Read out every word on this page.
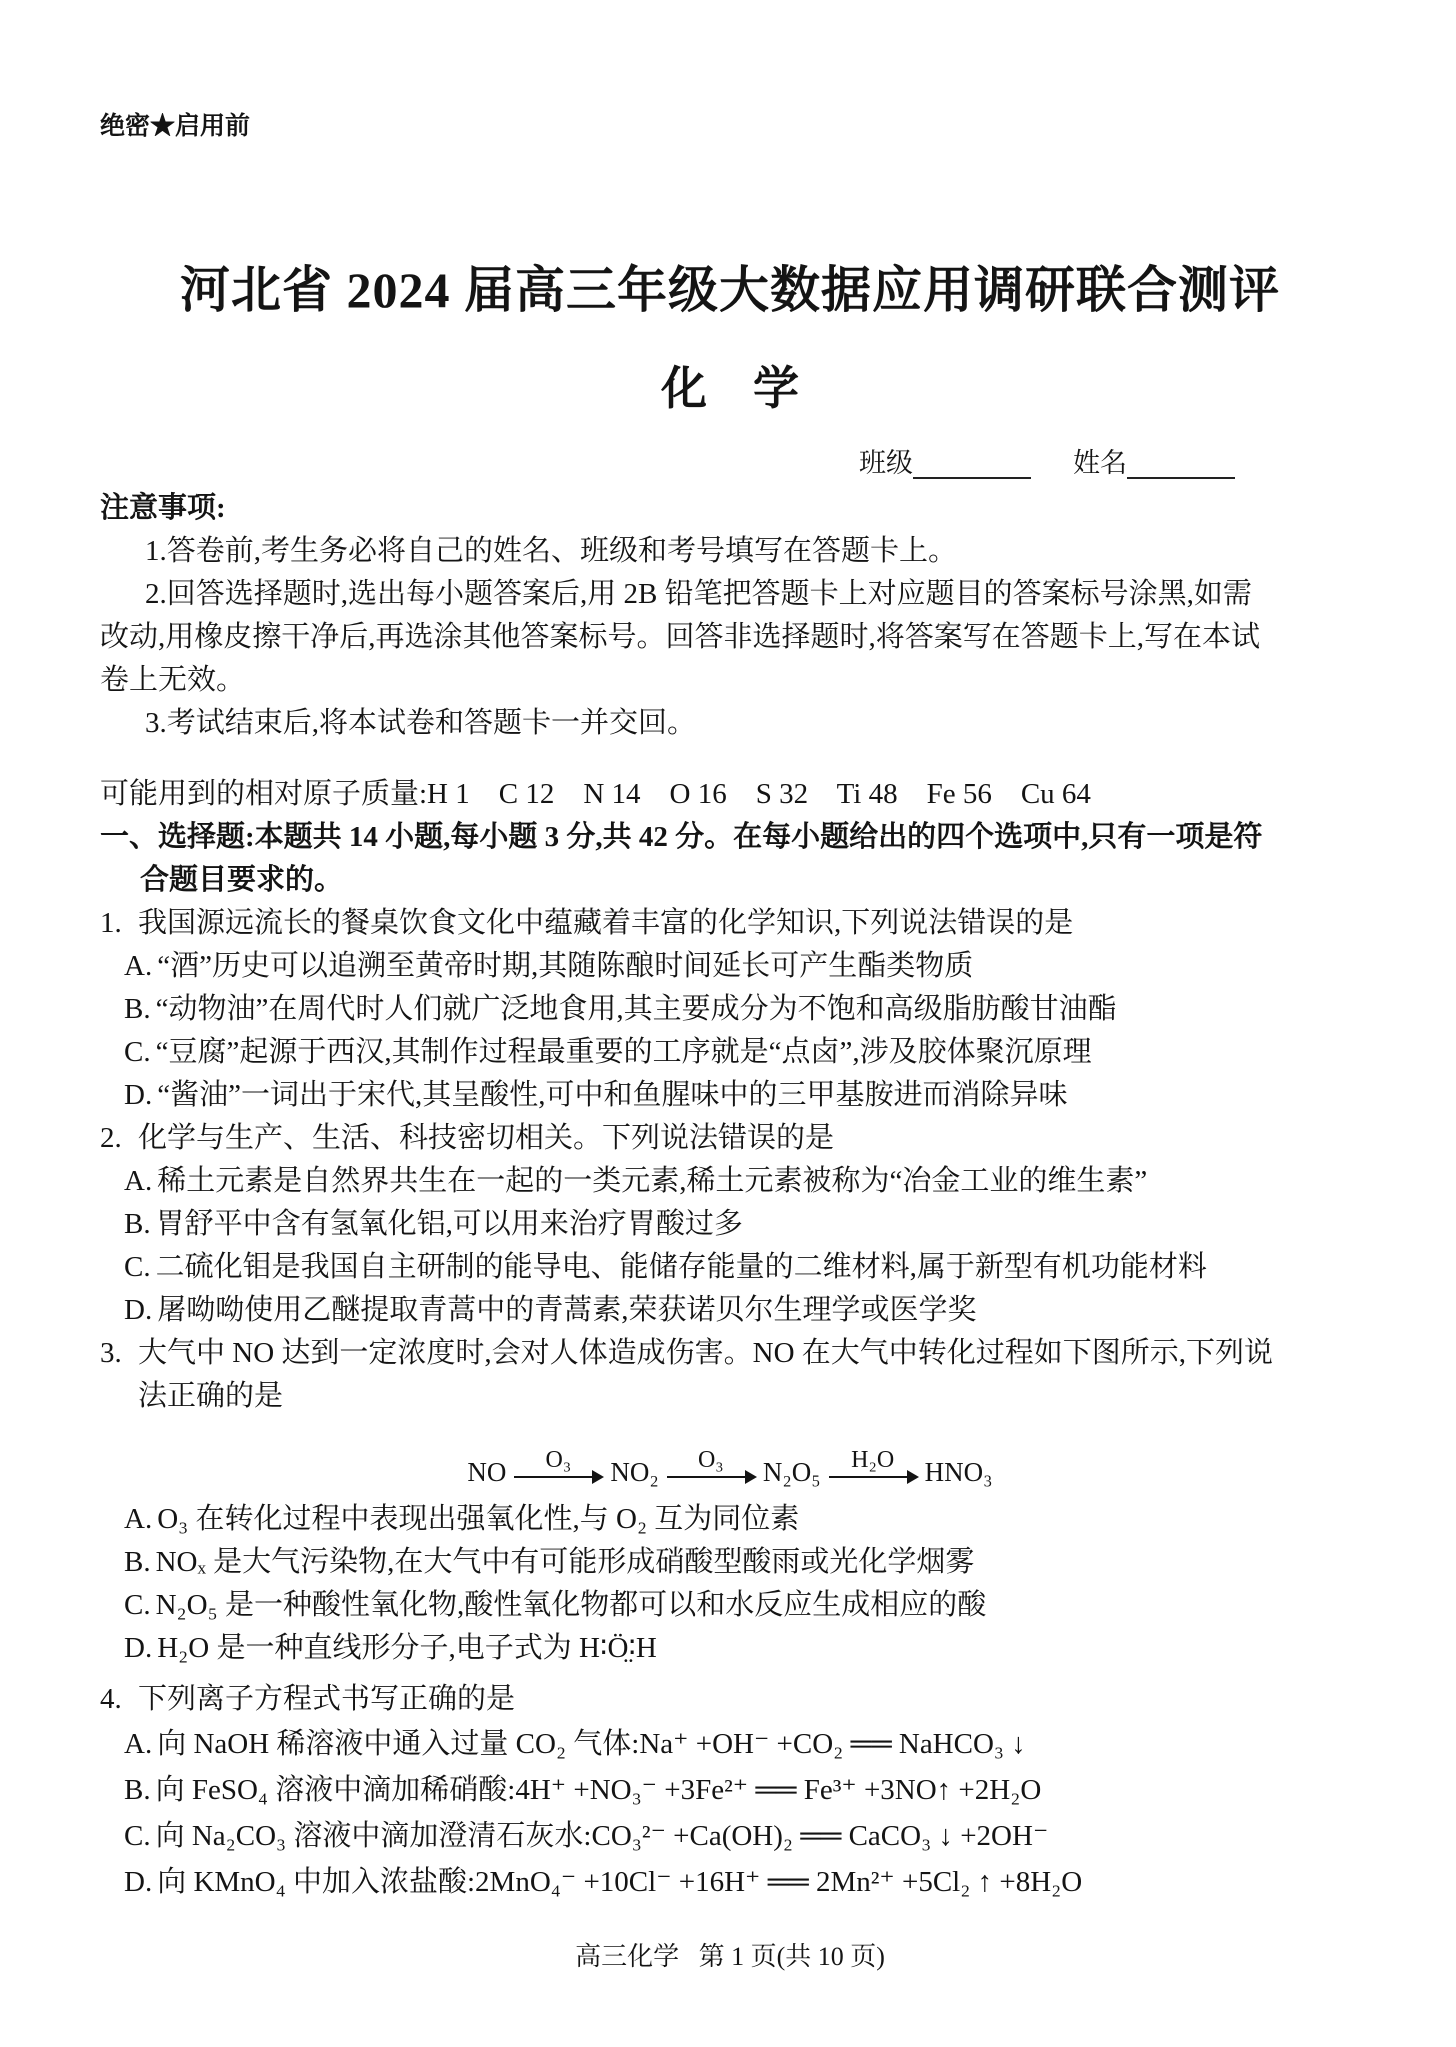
绝密★启用前
河北省 2024 届高三年级大数据应用调研联合测评
化    学
班级	姓名
注意事项:
1.答卷前,考生务必将自己的姓名、班级和考号填写在答题卡上。
2.回答选择题时,选出每小题答案后,用 2B 铅笔把答题卡上对应题目的答案标号涂黑,如需
改动,用橡皮擦干净后,再选涂其他答案标号。回答非选择题时,将答案写在答题卡上,写在本试
卷上无效。
3.考试结束后,将本试卷和答题卡一并交回。
可能用到的相对原子质量:H 1    C 12    N 14    O 16    S 32    Ti 48    Fe 56    Cu 64
一、选择题:本题共 14 小题,每小题 3 分,共 42 分。在每小题给出的四个选项中,只有一项是符
合题目要求的。
1. 我国源远流长的餐桌饮食文化中蕴藏着丰富的化学知识,下列说法错误的是
A. “酒”历史可以追溯至黄帝时期,其随陈酿时间延长可产生酯类物质
B. “动物油”在周代时人们就广泛地食用,其主要成分为不饱和高级脂肪酸甘油酯
C. “豆腐”起源于西汉,其制作过程最重要的工序就是“点卤”,涉及胶体聚沉原理
D. “酱油”一词出于宋代,其呈酸性,可中和鱼腥味中的三甲基胺进而消除异味
2. 化学与生产、生活、科技密切相关。下列说法错误的是
A. 稀土元素是自然界共生在一起的一类元素,稀土元素被称为“冶金工业的维生素”
B. 胃舒平中含有氢氧化铝,可以用来治疗胃酸过多
C. 二硫化钼是我国自主研制的能导电、能储存能量的二维材料,属于新型有机功能材料
D. 屠呦呦使用乙醚提取青蒿中的青蒿素,荣获诺贝尔生理学或医学奖
3. 大气中 NO 达到一定浓度时,会对人体造成伤害。NO 在大气中转化过程如下图所示,下列说
法正确的是
NO O₃ NO₂ O₃ N₂O₅ H₂O HNO₃
A. O₃ 在转化过程中表现出强氧化性,与 O₂ 互为同位素
B. NOₓ 是大气污染物,在大气中有可能形成硝酸型酸雨或光化学烟雾
C. N₂O₅ 是一种酸性氧化物,酸性氧化物都可以和水反应生成相应的酸
D. H₂O 是一种直线形分子,电子式为 H∶Ö̤∶H
4. 下列离子方程式书写正确的是
A. 向 NaOH 稀溶液中通入过量 CO₂ 气体:Na⁺ +OH⁻ +CO₂ ══ NaHCO₃ ↓
B. 向 FeSO₄ 溶液中滴加稀硝酸:4H⁺ +NO₃⁻ +3Fe²⁺ ══ Fe³⁺ +3NO↑ +2H₂O
C. 向 Na₂CO₃ 溶液中滴加澄清石灰水:CO₃²⁻ +Ca(OH)₂ ══ CaCO₃ ↓ +2OH⁻
D. 向 KMnO₄ 中加入浓盐酸:2MnO₄⁻ +10Cl⁻ +16H⁺ ══ 2Mn²⁺ +5Cl₂ ↑ +8H₂O
高三化学   第 1 页(共 10 页)
